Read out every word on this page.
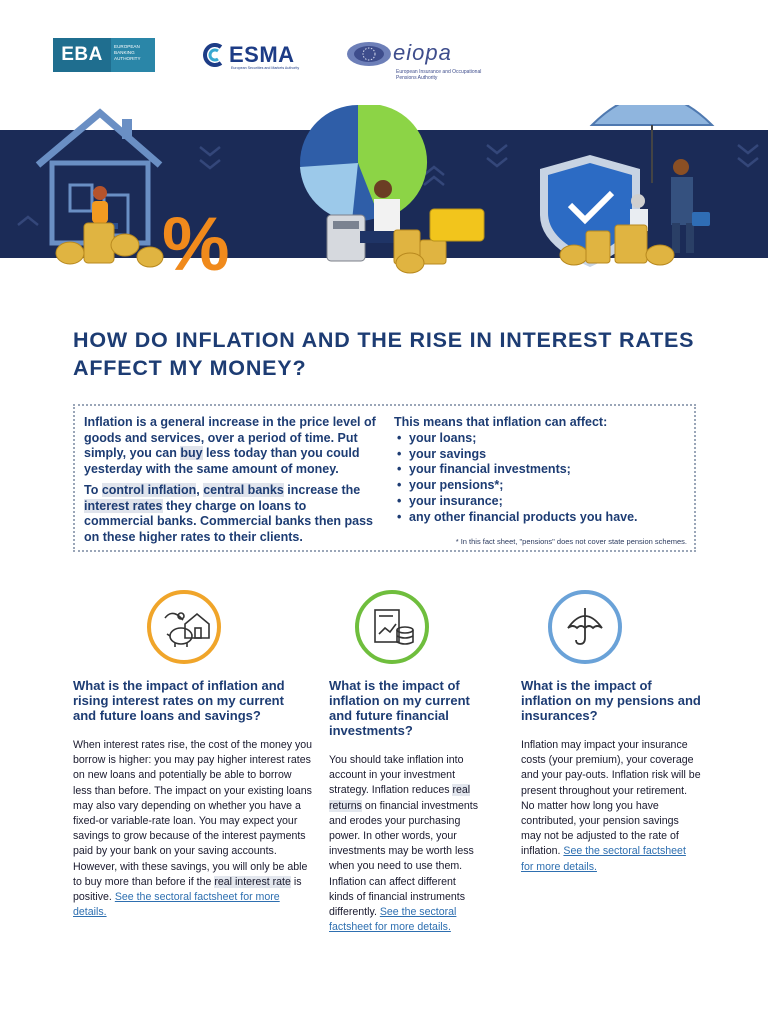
EBA	EUROPEAN BANKING AUTHORITY	ESMA
European Securities and Markets Authority
eiopa
European Insurance and Occupational Pensions Authority
%
HOW DO INFLATION AND THE RISE IN INTEREST RATES AFFECT MY MONEY?

Inflation is a general increase in the price level of goods and services, over a period of time. Put simply, you can buy less today than you could yesterday with the same amount of money.

To control inflation, central banks increase the interest rates they charge on loans to commercial banks. Commercial banks then pass on these higher rates to their clients.

This means that inflation can affect:
• your loans;
• your savings
• your financial investments;
• your pensions*;
• your insurance;
• any other financial products you have.
* In this fact sheet, "pensions" does not cover state pension schemes.
What is the impact of inflation and rising interest rates on my current and future loans and savings?

When interest rates rise, the cost of the money you borrow is higher: you may pay higher interest rates on new loans and potentially be able to borrow less than before. The impact on your existing loans may also vary depending on whether you have a fixed-or variable-rate loan. You may expect your savings to grow because of the interest payments paid by your bank on your saving accounts. However, with these savings, you will only be able to buy more than before if the real interest rate is positive. See the sectoral factsheet for more details.

What is the impact of inflation on my current and future financial investments?

You should take inflation into account in your investment strategy. Inflation reduces real returns on financial investments and erodes your purchasing power. In other words, your investments may be worth less when you need to use them. Inflation can affect different kinds of financial instruments differently. See the sectoral factsheet for more details.

What is the impact of inflation on my pensions and insurances?

Inflation may impact your insurance costs (your premium), your coverage and your pay-outs. Inflation risk will be present throughout your retirement. No matter how long you have contributed, your pension savings may not be adjusted to the rate of inflation. See the sectoral factsheet for more details.
